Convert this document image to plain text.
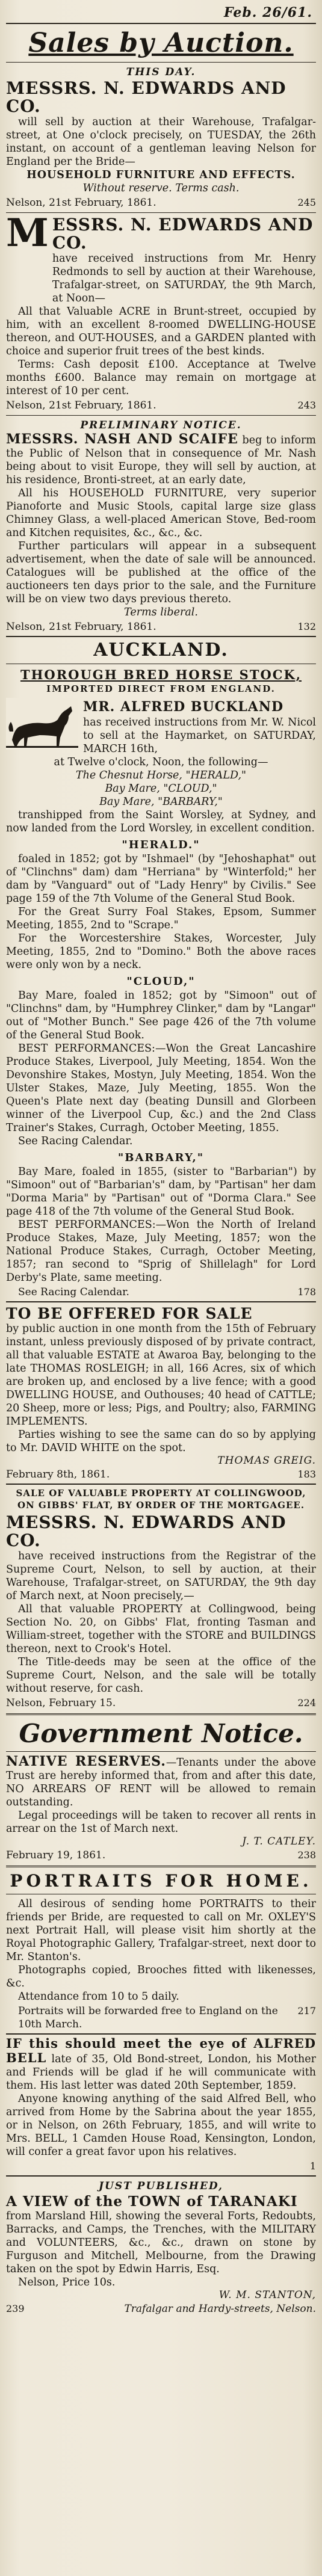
Feb. 26/61.
Sales by Auction.
THIS DAY.
MESSRS. N. EDWARDS AND CO.

will sell by auction at their Warehouse, Trafalgar-street, at One o'clock precisely, on TUESDAY, the 26th instant, on account of a gentleman leaving Nelson for England per the Bride—

HOUSEHOLD FURNITURE AND EFFECTS.

Without reserve. Terms cash.

Nelson, 21st February, 1861.	245
M ESSRS. N. EDWARDS AND CO.

have received instructions from Mr. Henry Redmonds to sell by auction at their Warehouse, Trafalgar-street, on SATURDAY, the 9th March, at Noon—

All that Valuable ACRE in Brunt-street, occupied by him, with an excellent 8-roomed DWELLING-HOUSE thereon, and OUT-HOUSES, and a GARDEN planted with choice and superior fruit trees of the best kinds.

Terms: Cash deposit £100. Acceptance at Twelve months £600. Balance may remain on mortgage at interest of 10 per cent.

Nelson, 21st February, 1861.	243
PRELIMINARY NOTICE.

MESSRS. NASH AND SCAIFE beg to inform the Public of Nelson that in consequence of Mr. Nash being about to visit Europe, they will sell by auction, at his residence, Bronti-street, at an early date,

All his HOUSEHOLD FURNITURE, very superior Pianoforte and Music Stools, capital large size glass Chimney Glass, a well-placed American Stove, Bed-room and Kitchen requisites, &c., &c., &c.

Further particulars will appear in a subsequent advertisement, when the date of sale will be announced. Catalogues will be published at the office of the auctioneers ten days prior to the sale, and the Furniture will be on view two days previous thereto.

Terms liberal.

Nelson, 21st February, 1861.	132
AUCKLAND.
THOROUGH BRED HORSE STOCK,
IMPORTED DIRECT FROM ENGLAND.
MR. ALFRED BUCKLAND

has received instructions from Mr. W. Nicol to sell at the Haymarket, on SATURDAY, MARCH 16th,

at Twelve o'clock, Noon, the following—

The Chesnut Horse, "HERALD,"

Bay Mare, "CLOUD,"

Bay Mare, "BARBARY,"

transhipped from the Saint Worsley, at Sydney, and now landed from the Lord Worsley, in excellent condition.

"HERALD."

foaled in 1852; got by "Ishmael" (by "Jehoshaphat" out of "Clinchns" dam) dam "Herriana" by "Winterfold;" her dam by "Vanguard" out of "Lady Henry" by Civilis." See page 159 of the 7th Volume of the General Stud Book.

For the Great Surry Foal Stakes, Epsom, Summer Meeting, 1855, 2nd to "Scrape."

For the Worcestershire Stakes, Worcester, July Meeting, 1855, 2nd to "Domino." Both the above races were only won by a neck.

"CLOUD,"

Bay Mare, foaled in 1852; got by "Simoon" out of "Clinchns" dam, by "Humphrey Clinker," dam by "Langar" out of "Mother Bunch." See page 426 of the 7th volume of the General Stud Book.

BEST PERFORMANCES:—Won the Great Lancashire Produce Stakes, Liverpool, July Meeting, 1854. Won the Devonshire Stakes, Mostyn, July Meeting, 1854. Won the Ulster Stakes, Maze, July Meeting, 1855. Won the Queen's Plate next day (beating Dunsill and Glorbeen winner of the Liverpool Cup, &c.) and the 2nd Class Trainer's Stakes, Curragh, October Meeting, 1855.

See Racing Calendar.

"BARBARY,"

Bay Mare, foaled in 1855, (sister to "Barbarian") by "Simoon" out of "Barbarian's" dam, by "Partisan" her dam "Dorma Maria" by "Partisan" out of "Dorma Clara." See page 418 of the 7th volume of the General Stud Book.

BEST PERFORMANCES:—Won the North of Ireland Produce Stakes, Maze, July Meeting, 1857; won the National Produce Stakes, Curragh, October Meeting, 1857; ran second to "Sprig of Shillelagh" for Lord Derby's Plate, same meeting.

See Racing Calendar.	178
TO BE OFFERED FOR SALE

by public auction in one month from the 15th of February instant, unless previously disposed of by private contract, all that valuable ESTATE at Awaroa Bay, belonging to the late THOMAS ROSLEIGH; in all, 166 Acres, six of which are broken up, and enclosed by a live fence; with a good DWELLING HOUSE, and Outhouses; 40 head of CATTLE; 20 Sheep, more or less; Pigs, and Poultry; also, FARMING IMPLEMENTS.

Parties wishing to see the same can do so by applying to Mr. DAVID WHITE on the spot.

THOMAS GREIG.
February 8th, 1861.	183
SALE OF VALUABLE PROPERTY AT COLLINGWOOD, ON GIBBS' FLAT, BY ORDER OF THE MORTGAGEE.
MESSRS. N. EDWARDS AND CO.

have received instructions from the Registrar of the Supreme Court, Nelson, to sell by auction, at their Warehouse, Trafalgar-street, on SATURDAY, the 9th day of March next, at Noon precisely,—

All that valuable PROPERTY at Collingwood, being Section No. 20, on Gibbs' Flat, fronting Tasman and William-street, together with the STORE and BUILDINGS thereon, next to Crook's Hotel.

The Title-deeds may be seen at the office of the Supreme Court, Nelson, and the sale will be totally without reserve, for cash.

Nelson, February 15.	224
Government Notice.

NATIVE RESERVES.—Tenants under the above Trust are hereby informed that, from and after this date, NO ARREARS OF RENT will be allowed to remain outstanding.

Legal proceedings will be taken to recover all rents in arrear on the 1st of March next.

J. T. CATLEY.
February 19, 1861.	238
PORTRAITS FOR HOME.

All desirous of sending home PORTRAITS to their friends per Bride, are requested to call on Mr. OXLEY'S next Portrait Hall, will please visit him shortly at the Royal Photographic Gallery, Trafalgar-street, next door to Mr. Stanton's.

Photographs copied, Brooches fitted with likenesses, &c.

Attendance from 10 to 5 daily.

Portraits will be forwarded free to England on the 10th March.
217

IF this should meet the eye of ALFRED BELL late of 35, Old Bond-street, London, his Mother and Friends will be glad if he will communicate with them. His last letter was dated 20th September, 1859.

Anyone knowing anything of the said Alfred Bell, who arrived from Home by the Sabrina about the year 1855, or in Nelson, on 26th February, 1855, and will write to Mrs. BELL, 1 Camden House Road, Kensington, London, will confer a great favor upon his relatives.

1
JUST PUBLISHED,
A VIEW of the TOWN of TARANAKI

from Marsland Hill, showing the several Forts, Redoubts, Barracks, and Camps, the Trenches, with the MILITARY and VOLUNTEERS, &c., &c., drawn on stone by Furguson and Mitchell, Melbourne, from the Drawing taken on the spot by Edwin Harris, Esq.

Nelson, Price 10s.

W. M. STANTON,
239	Trafalgar and Hardy-streets, Nelson.
